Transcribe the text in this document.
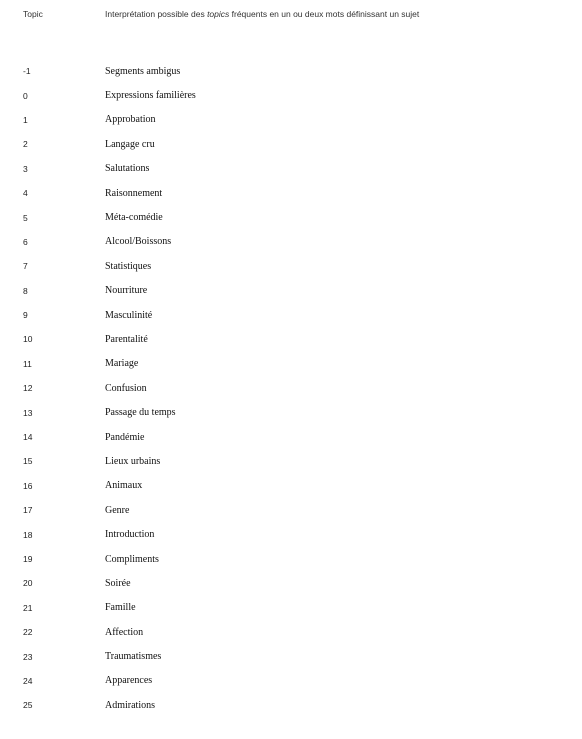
Topic	Interprétation possible des topics fréquents en un ou deux mots définissant un sujet
-1	Segments ambigus
0	Expressions familières
1	Approbation
2	Langage cru
3	Salutations
4	Raisonnement
5	Méta-comédie
6	Alcool/Boissons
7	Statistiques
8	Nourriture
9	Masculinité
10	Parentalité
11	Mariage
12	Confusion
13	Passage du temps
14	Pandémie
15	Lieux urbains
16	Animaux
17	Genre
18	Introduction
19	Compliments
20	Soirée
21	Famille
22	Affection
23	Traumatismes
24	Apparences
25	Admirations
